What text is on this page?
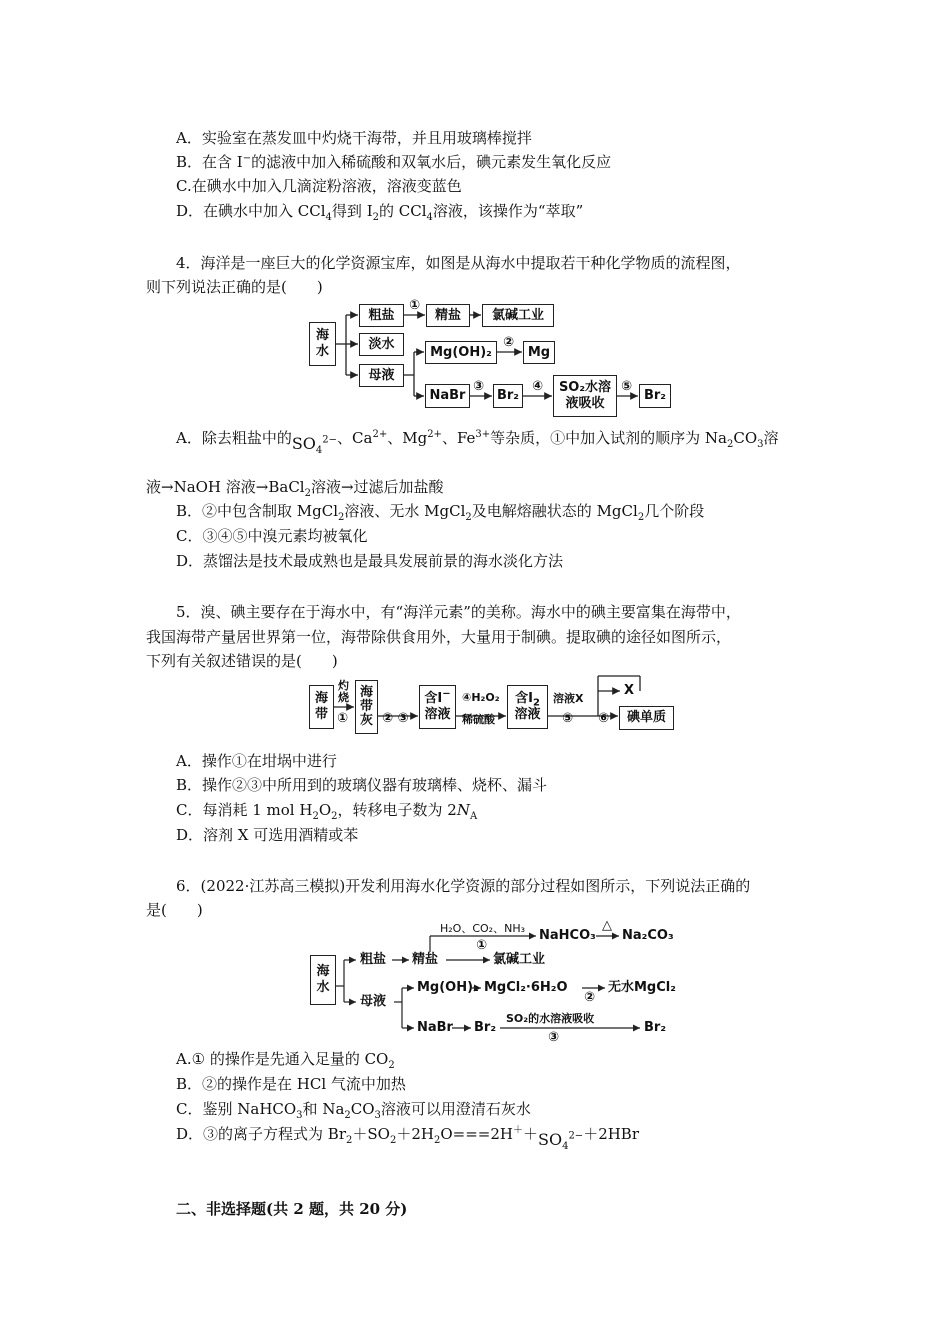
A．实验室在蒸发皿中灼烧干海带，并且用玻璃棒搅拌
B．在含 I−的滤液中加入稀硫酸和双氧水后，碘元素发生氧化反应
C.在碘水中加入几滴淀粉溶液，溶液变蓝色
D．在碘水中加入 CCl$_4$得到 $I_2$的 CCl$_4$溶液，该操作为“萃取”
4．海洋是一座巨大的化学资源宝库，如图是从海水中提取若干种化学物质的流程图，
则下列说法正确的是(　　)
海
水
粗盐
①
精盐	氯碱工业
淡水
母液
Mg(OH)₂
②
Mg
NaBr
③
Br₂
④ SO₂水溶
液吸收
⑤
Br₂
A．除去粗盐中的$SO_4^{2-}$、$Ca^{2+}$、$Mg^{2+}$、$Fe^{3+}$等杂质，①中加入试剂的顺序为 $Na_2CO_3$溶
液→NaOH 溶液→BaCl$_2$溶液→过滤后加盐酸
B．②中包含制取 MgCl$_2$溶液、无水 MgCl$_2$及电解熔融状态的 MgCl$_2$几个阶段
C．③④⑤中溴元素均被氧化
D．蒸馏法是技术最成熟也是最具发展前景的海水淡化方法
5．溴、碘主要存在于海水中，有“海洋元素”的美称。海水中的碘主要富集在海带中，
我国海带产量居世界第一位，海带除供食用外，大量用于制碘。提取碘的途径如图所示，
下列有关叙述错误的是(　　)
海
带
灼
烧
①
海
带
灰 ② ③
含I−
溶液
④H₂O₂
稀硫酸
含$I_2$
溶液
溶液X
⑤ ⑥
X
碘单质
A．操作①在坩埚中进行
B．操作②③中所用到的玻璃仪器有玻璃棒、烧杯、漏斗
C．每消耗 1 mol $H_2O_2$，转移电子数为 $2N_A$
D．溶剂 X 可选用酒精或苯
6．(2022·江苏高三模拟)开发利用海水化学资源的部分过程如图所示，下列说法正确的
是(　　)
海
水
粗盐 精盐
H₂O、CO₂、NH₃
①
NaHCO₃
△
Na₂CO₃
氯碱工业
母液
Mg(OH)₂ MgCl₂·6H₂O
②
无水MgCl₂
NaBr Br₂
SO₂的水溶液吸收
③
Br₂
A.① 的操作是先通入足量的 $CO_2$
B．②的操作是在 HCl 气流中加热
C．鉴别 NaHCO$_3$和 $Na_2CO_3$溶液可以用澄清石灰水
D．③的离子方程式为 $Br_2+SO_2+2H_2O===2H^++SO_4^{2-}+2HBr$
二、非选择题(共 2 题，共 20 分)
